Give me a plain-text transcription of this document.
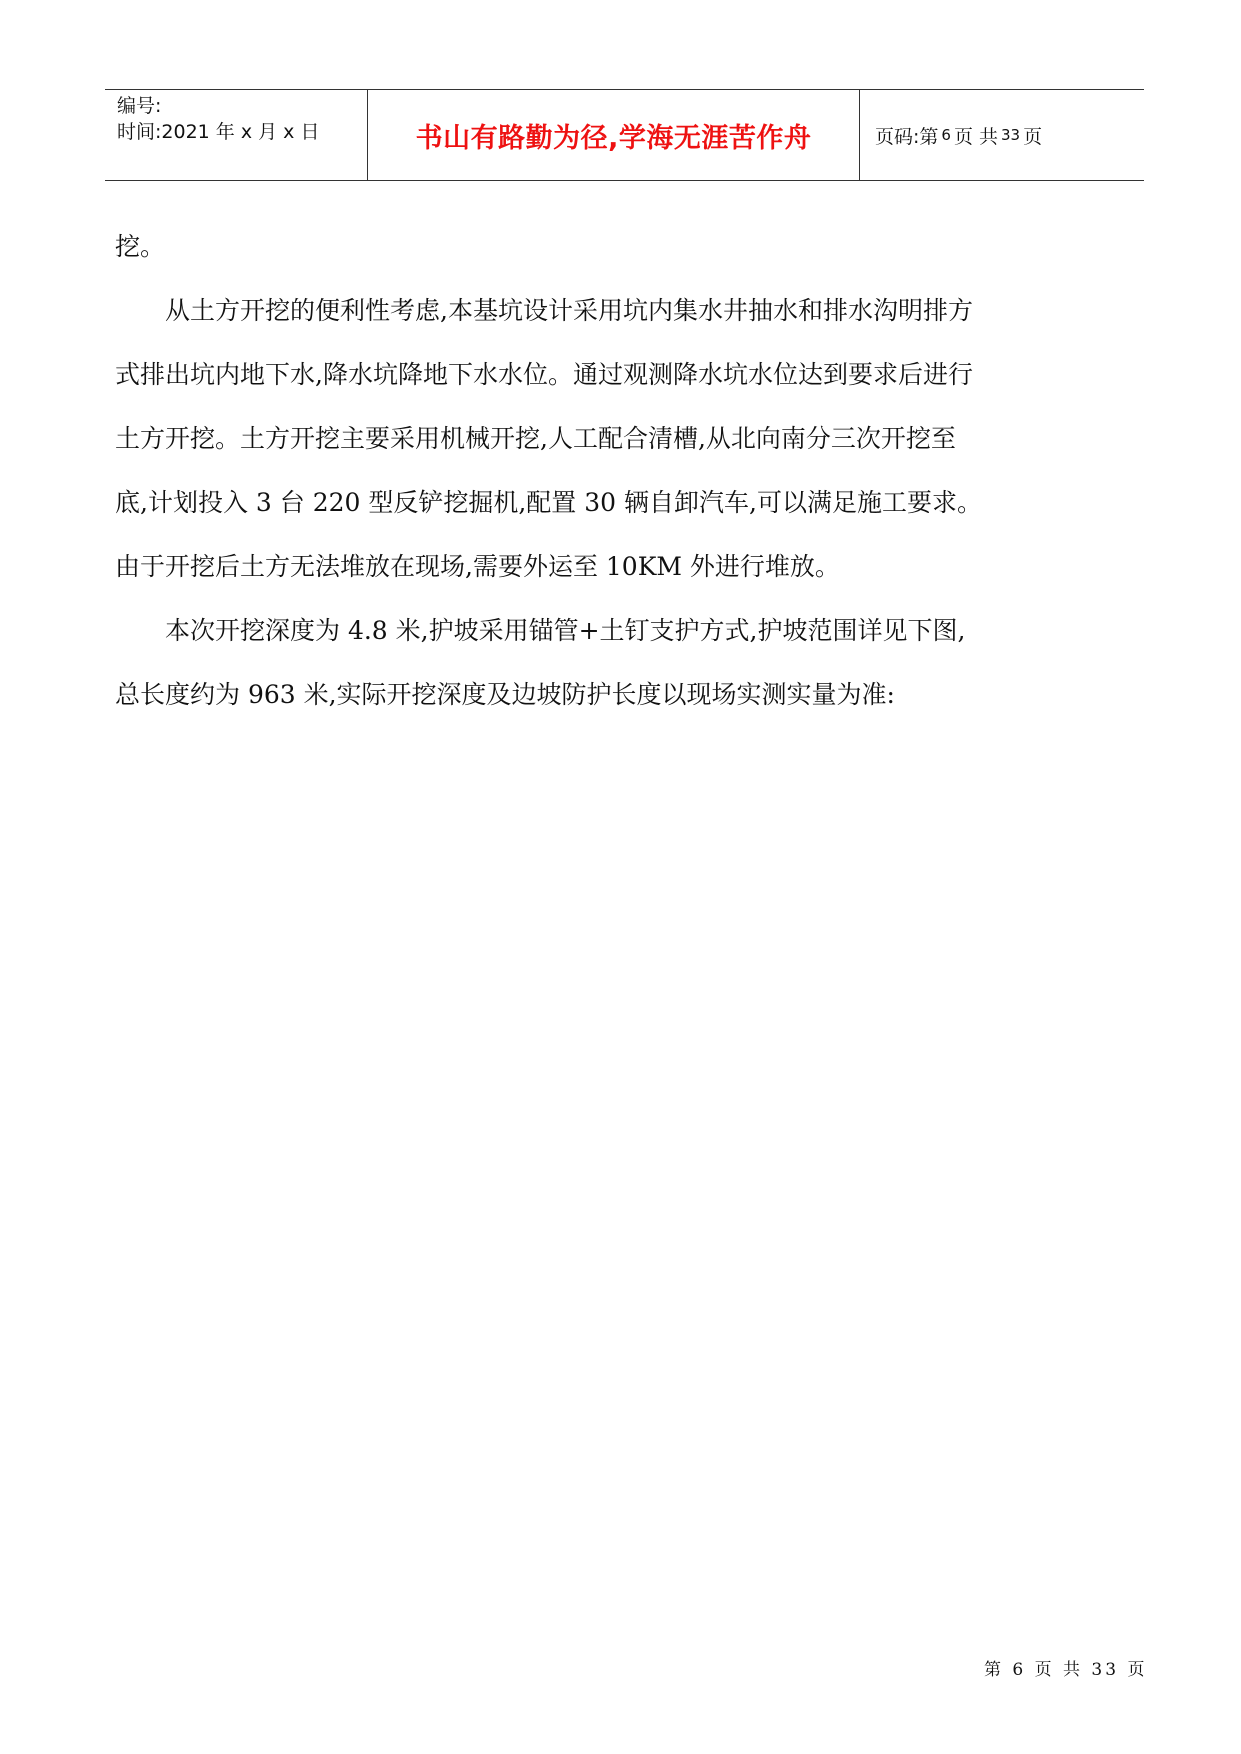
编号:
时间:2021 年 x 月 x 日	书山有路勤为径,学海无涯苦作舟	页码:第 6 页 共 33 页

挖。

　　从土方开挖的便利性考虑,本基坑设计采用坑内集水井抽水和排水沟明排方

式排出坑内地下水,降水坑降地下水水位。通过观测降水坑水位达到要求后进行

土方开挖。土方开挖主要采用机械开挖,人工配合清槽,从北向南分三次开挖至

底,计划投入 3 台 220 型反铲挖掘机,配置 30 辆自卸汽车,可以满足施工要求。

由于开挖后土方无法堆放在现场,需要外运至 10KM 外进行堆放。

　　本次开挖深度为 4.8 米,护坡采用锚管+土钉支护方式,护坡范围详见下图,

总长度约为 963 米,实际开挖深度及边坡防护长度以现场实测实量为准:

第 6 页 共 33 页
